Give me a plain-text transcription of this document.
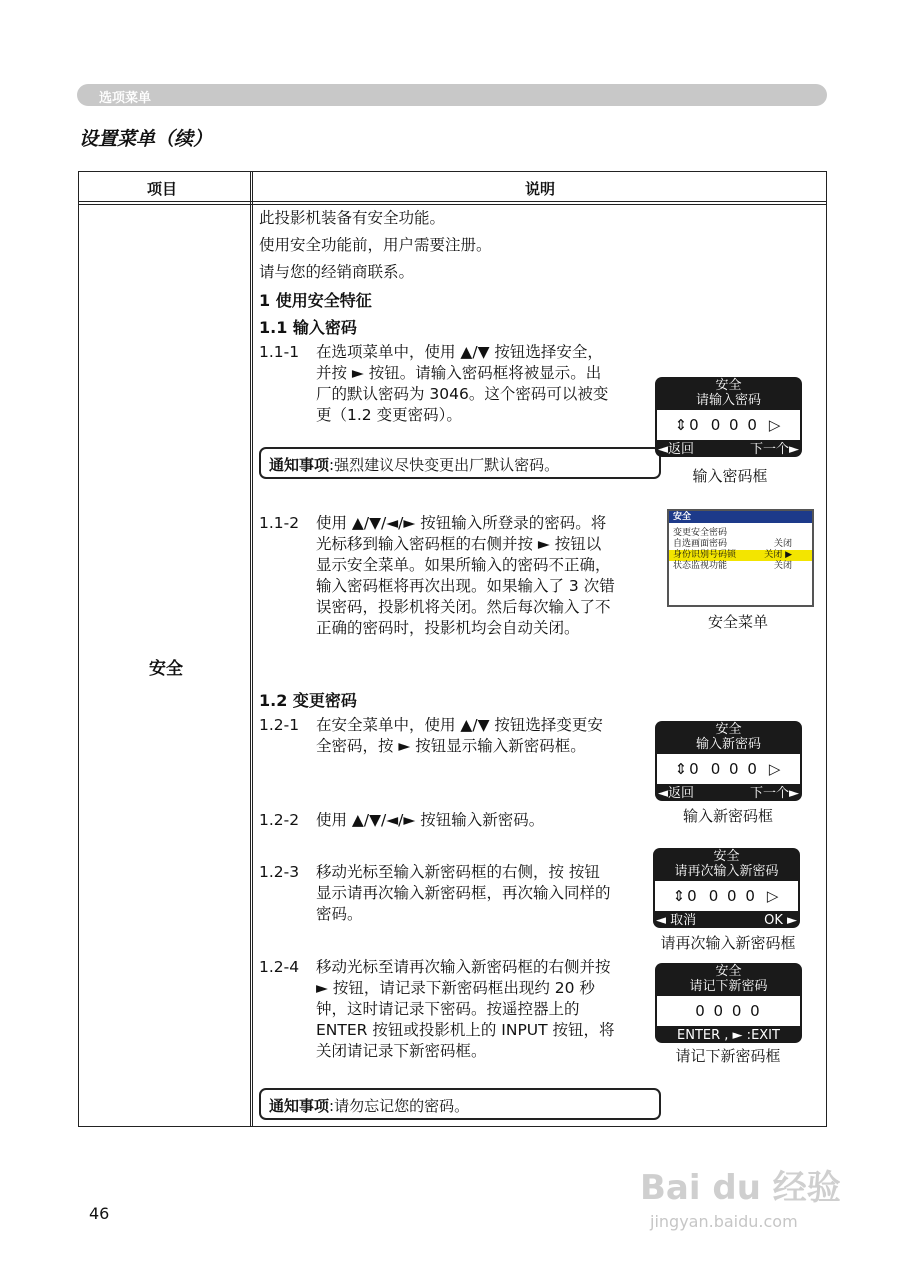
选项菜单
设置菜单（续）
项目	说明
安全
此投影机装备有安全功能。
使用安全功能前，用户需要注册。
请与您的经销商联系。
1 使用安全特征
1.1 输入密码
1.1-1 在选项菜单中，使用 ▲/▼ 按钮选择安全，并按 ► 按钮。请输入密码框将被显示。出厂的默认密码为 3046。这个密码可以被变更（1.2 变更密码）。
通知事项:强烈建议尽快变更出厂默认密码。
1.1-2 使用 ▲/▼/◄/► 按钮输入所登录的密码。将光标移到输入密码框的右侧并按 ► 按钮以显示安全菜单。如果所输入的密码不正确，输入密码框将再次出现。如果输入了 3 次错误密码，投影机将关闭。然后每次输入了不正确的密码时，投影机均会自动关闭。
1.2 变更密码
1.2-1 在安全菜单中，使用 ▲/▼ 按钮选择变更安全密码，按 ► 按钮显示输入新密码框。
1.2-2 使用 ▲/▼/◄/► 按钮输入新密码。
1.2-3 移动光标至输入新密码框的右侧，按 按钮 显示请再次输入新密码框，再次输入同样的密码。
1.2-4 移动光标至请再次输入新密码框的右侧并按 ► 按钮，请记录下新密码框出现约 20 秒钟，这时请记录下密码。按遥控器上的 ENTER 按钮或投影机上的 INPUT 按钮，将关闭请记录下新密码框。
通知事项:请勿忘记您的密码。
安全
请输入密码
⇕0 0 0 0 ▷
◄返回	下一个►
输入密码框
安全
变更安全密码
自选画面密码	关闭
身份识别号码锁	关闭 ▶
状态监视功能	关闭
安全菜单
安全
输入新密码
⇕0 0 0 0 ▷
◄返回	下一个►
输入新密码框
安全
请再次输入新密码
⇕0 0 0 0 ▷
◄ 取消	OK ►
请再次输入新密码框
安全
请记下新密码
0 0 0 0
ENTER , ► :EXIT
请记下新密码框
46
Bai du 经验
jingyan.baidu.com
